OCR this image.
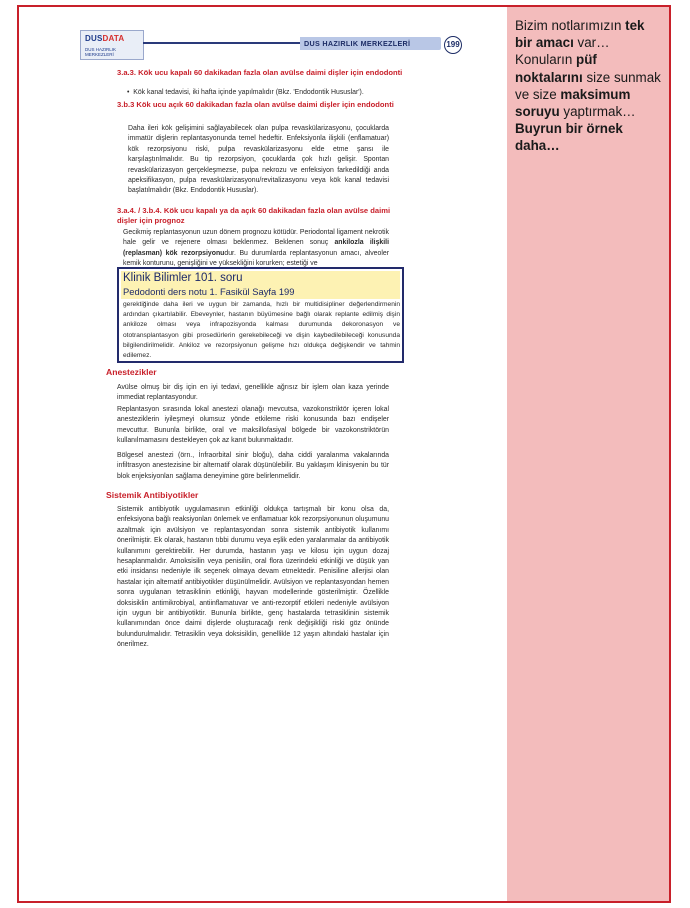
Bizim notlarımızın tek bir amacı var… Konuların püf noktalarını size sunmak ve size maksimum soruyu yaptırmak…Buyrun bir örnek daha…
DUSDATA
DUS HAZIRLIK MERKEZLERİ
DUS HAZIRLIK MERKEZLERİ	199
3.a.3. Kök ucu kapalı 60 dakikadan fazla olan avülse daimi dişler için endodonti
•  Kök kanal tedavisi, iki hafta içinde yapılmalıdır (Bkz. 'Endodontik Hususlar').
3.b.3 Kök ucu açık 60 dakikadan fazla olan avülse daimi dişler için endodonti
Daha ileri kök gelişimini sağlayabilecek olan pulpa revaskülarizasyonu, çocuklarda immatür dişlerin replantasyonunda temel hedeftir. Enfeksiyonla ilişkili (enflamatuar) kök rezorpsiyonu riski, pulpa revaskülarizasyonu elde etme şansı ile karşılaştırılmalıdır. Bu tip rezorpsiyon, çocuklarda çok hızlı gelişir. Spontan revaskülarizasyon gerçekleşmezse, pulpa nekrozu ve enfeksiyon farkedildiği anda apeksifikasyon, pulpa revaskülarizasyonu/revitalizasyonu veya kök kanal tedavisi başlatılmalıdır (Bkz. Endodontik Hususlar).
3.a.4. / 3.b.4. Kök ucu kapalı ya da açık 60 dakikadan fazla olan avülse daimi dişler için prognoz
Gecikmiş replantasyonun uzun dönem prognozu kötüdür. Periodontal ligament nekrotik hale gelir ve rejenere olması beklenmez. Beklenen sonuç ankilozla ilişkili (replasman) kök rezorpsiyonudur. Bu durumlarda replantasyonun amacı, alveoler kemik konturunu, genişliğini ve yüksekliğini korurken; estetiği ve
Klinik Bilimler 101. soru
Pedodonti ders notu 1. Fasikül Sayfa 199
gerektiğinde daha ileri ve uygun bir zamanda, hızlı bir multidisipliner değerlendirmenin ardından çıkartılabilir. Ebeveynler, hastanın büyümesine bağlı olarak replante edilmiş dişin ankiloze olması veya infrapozisyonda kalması durumunda dekoronasyon ve ototransplantasyon gibi prosedürlerin gerekebileceği ve dişin kaybedilebileceği konusunda bilgilendirilmelidir. Ankiloz ve rezorpsiyonun gelişme hızı oldukça değişkendir ve tahmin edilemez.
Anestezikler
Avülse olmuş bir diş için en iyi tedavi, genellikle ağrısız bir işlem olan kaza yerinde immediat replantasyondur.
Replantasyon sırasında lokal anestezi olanağı mevcutsa, vazokonstriktör içeren lokal anesteziklerin iyileşmeyi olumsuz yönde etkileme riski konusunda bazı endişeler mevcuttur. Bununla birlikte, oral ve maksillofasiyal bölgede bir vazokonstriktörün kullanılmamasını destekleyen çok az kanıt bulunmaktadır.
Bölgesel anestezi (örn., İnfraorbital sinir bloğu), daha ciddi yaralanma vakalarında infiltrasyon anestezisine bir alternatif olarak düşünülebilir. Bu yaklaşım klinisyenin bu tür blok enjeksiyonları sağlama deneyimine göre belirlenmelidir.
Sistemik Antibiyotikler
Sistemik antibiyotik uygulamasının etkinliği oldukça tartışmalı bir konu olsa da, enfeksiyona bağlı reaksiyonları önlemek ve enflamatuar kök rezorpsiyonunun oluşumunu azaltmak için avülsiyon ve replantasyondan sonra sistemik antibiyotik kullanımı önerilmiştir. Ek olarak, hastanın tıbbi durumu veya eşlik eden yaralanmalar da antibiyotik kullanımını gerektirebilir. Her durumda, hastanın yaşı ve kilosu için uygun dozaj hesaplanmalıdır. Amoksisilin veya penisilin, oral flora üzerindeki etkinliği ve düşük yan etki insidansı nedeniyle ilk seçenek olmaya devam etmektedir. Penisiline allerjisi olan hastalar için alternatif antibiyotikler düşünülmelidir. Avülsiyon ve replantasyondan hemen sonra uygulanan tetrasiklinin etkinliği, hayvan modellerinde gösterilmiştir. Özellikle doksisiklin antimikrobiyal, antiinflamatuvar ve anti-rezorptif etkileri nedeniyle avülsiyon için uygun bir antibiyotiktir. Bununla birlikte, genç hastalarda tetrasiklinin sistemik kullanımından önce daimi dişlerde oluşturacağı renk değişikliği riski göz önünde bulundurulmalıdır. Tetrasiklin veya doksisiklin, genellikle 12 yaşın altındaki hastalar için önerilmez.
